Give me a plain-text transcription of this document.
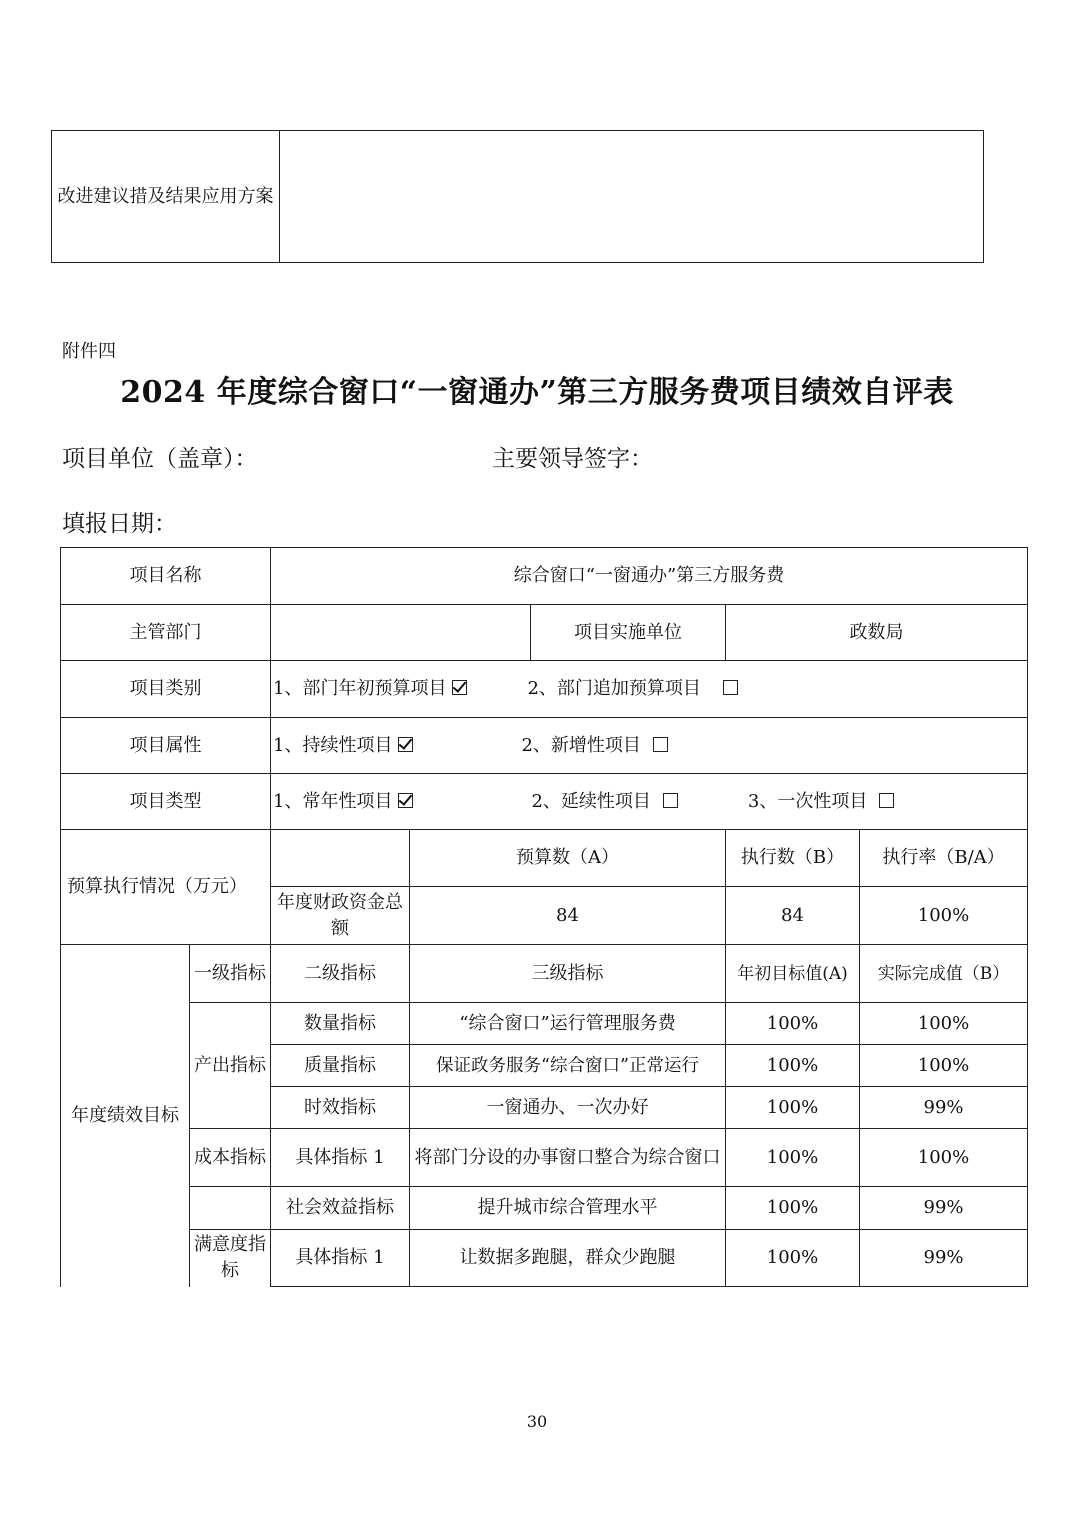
改进建议措及结果应用方案	
附件四
2024 年度综合窗口“一窗通办”第三方服务费项目绩效自评表
项目单位（盖章）：	主要领导签字：
填报日期：
项目名称		综合窗口“一窗通办”第三方服务费				
主管部门				项目实施单位	政数局	
项目类别		1、部门年初预算项目 2、部门追加预算项目				
项目属性		1、持续性项目 2、新增性项目				
项目类型		1、常年性项目 2、延续性项目 3、一次性项目				
预算执行情况（万元）			预算数（A）		执行数（B）	执行率（B/A）
		年度财政资金总额	84		84	100%
年度绩效目标	一级指标	二级指标	三级指标		年初目标值(A)	实际完成值（B）
	产出指标	数量指标	“综合窗口”运行管理服务费		100%	100%
		质量指标	保证政务服务“综合窗口”正常运行		100%	100%
		时效指标	一窗通办、一次办好		100%	99%
	成本指标	具体指标 1	将部门分设的办事窗口整合为综合窗口		100%	100%
		社会效益指标	提升城市综合管理水平		100%	99%
	满意度指标	具体指标 1	让数据多跑腿，群众少跑腿		100%	99%
30
